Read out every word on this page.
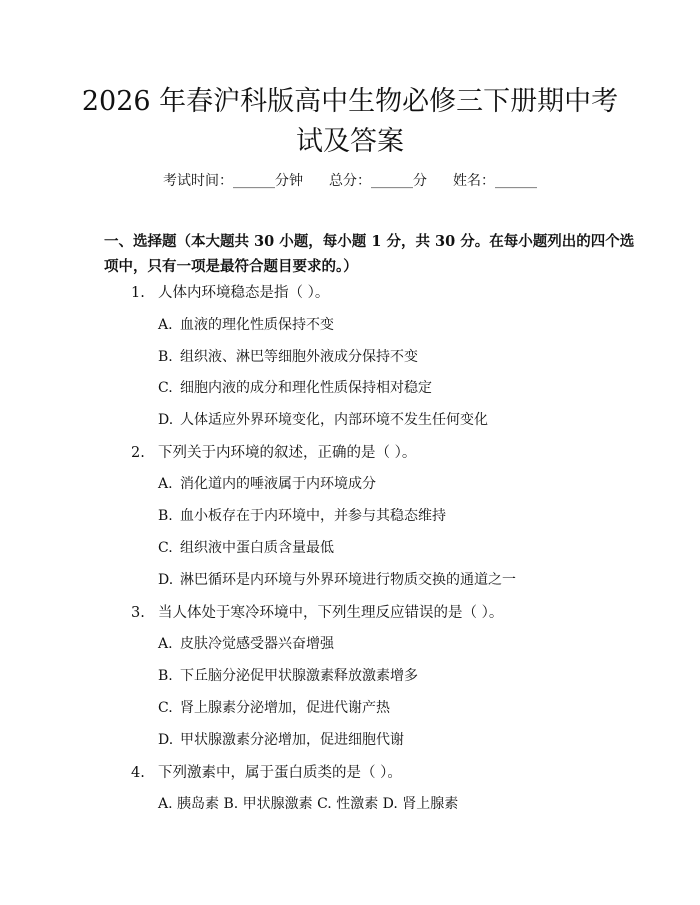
2026 年春沪科版高中生物必修三下册期中考
试及答案
考试时间：______分钟 总分：______分 姓名：______
一、选择题（本大题共 30 小题，每小题 1 分，共 30 分。在每小题列出的四个选
项中，只有一项是最符合题目要求的。）
1. 人体内环境稳态是指（ ）。
A. 血液的理化性质保持不变
B. 组织液、淋巴等细胞外液成分保持不变
C. 细胞内液的成分和理化性质保持相对稳定
D. 人体适应外界环境变化，内部环境不发生任何变化
2. 下列关于内环境的叙述，正确的是（ ）。
A. 消化道内的唾液属于内环境成分
B. 血小板存在于内环境中，并参与其稳态维持
C. 组织液中蛋白质含量最低
D. 淋巴循环是内环境与外界环境进行物质交换的通道之一
3. 当人体处于寒冷环境中，下列生理反应错误的是（ ）。
A. 皮肤冷觉感受器兴奋增强
B. 下丘脑分泌促甲状腺激素释放激素增多
C. 肾上腺素分泌增加，促进代谢产热
D. 甲状腺激素分泌增加，促进细胞代谢
4. 下列激素中，属于蛋白质类的是（ ）。
A. 胰岛素 B. 甲状腺激素 C. 性激素 D. 肾上腺素
